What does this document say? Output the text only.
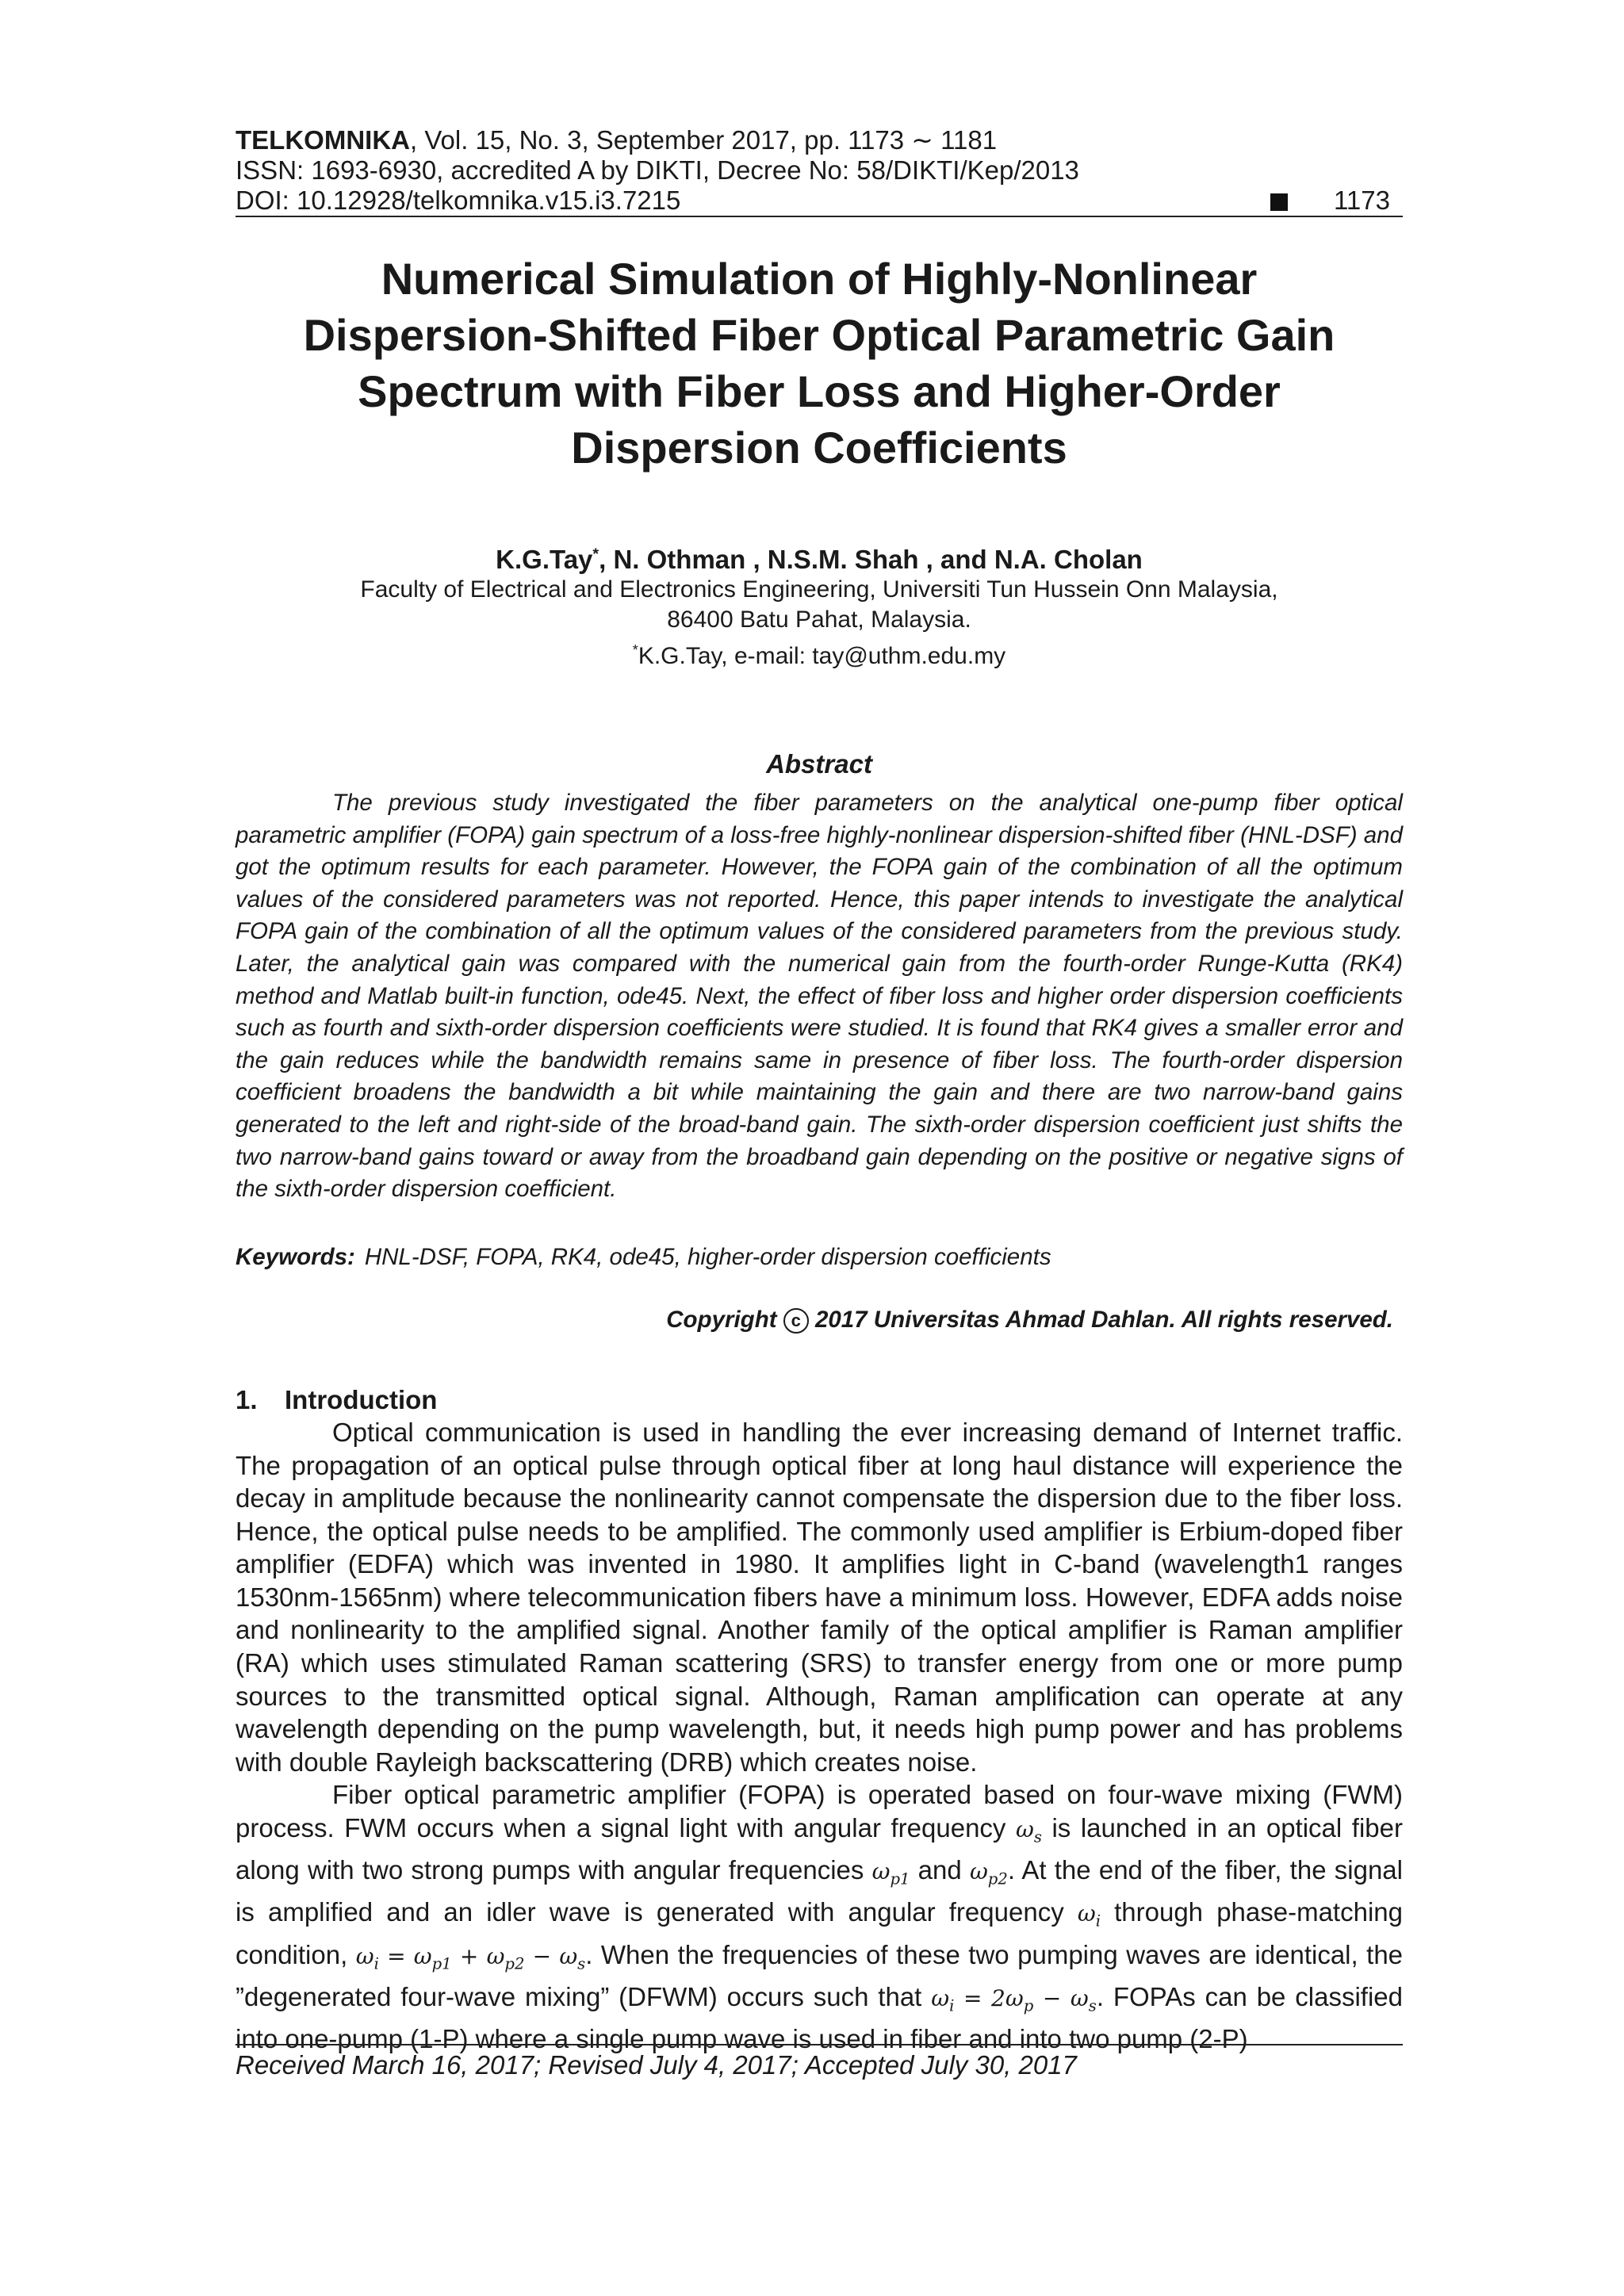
TELKOMNIKA, Vol. 15, No. 3, September 2017, pp. 1173 ∼ 1181
ISSN: 1693-6930, accredited A by DIKTI, Decree No: 58/DIKTI/Kep/2013
DOI: 10.12928/telkomnika.v15.i3.7215	1173
Numerical Simulation of Highly-Nonlinear
Dispersion-Shifted Fiber Optical Parametric Gain
Spectrum with Fiber Loss and Higher-Order
Dispersion Coefficients
K.G.Tay*, N. Othman , N.S.M. Shah , and N.A. Cholan
Faculty of Electrical and Electronics Engineering, Universiti Tun Hussein Onn Malaysia,
86400 Batu Pahat, Malaysia.
*K.G.Tay, e-mail: tay@uthm.edu.my
Abstract
The previous study investigated the fiber parameters on the analytical one-pump fiber optical parametric amplifier (FOPA) gain spectrum of a loss-free highly-nonlinear dispersion-shifted fiber (HNL-DSF) and got the optimum results for each parameter. However, the FOPA gain of the combination of all the optimum values of the considered parameters was not reported. Hence, this paper intends to investigate the analytical FOPA gain of the combination of all the optimum values of the considered parameters from the previous study. Later, the analytical gain was compared with the numerical gain from the fourth-order Runge-Kutta (RK4) method and Matlab built-in function, ode45. Next, the effect of fiber loss and higher order dispersion coefficients such as fourth and sixth-order dispersion coefficients were studied. It is found that RK4 gives a smaller error and the gain reduces while the bandwidth remains same in presence of fiber loss. The fourth-order dispersion coefficient broadens the bandwidth a bit while maintaining the gain and there are two narrow-band gains generated to the left and right-side of the broad-band gain. The sixth-order dispersion coefficient just shifts the two narrow-band gains toward or away from the broadband gain depending on the positive or negative signs of the sixth-order dispersion coefficient.
Keywords: HNL-DSF, FOPA, RK4, ode45, higher-order dispersion coefficients
Copyright c 2017 Universitas Ahmad Dahlan. All rights reserved.
1. Introduction

Optical communication is used in handling the ever increasing demand of Internet traffic. The propagation of an optical pulse through optical fiber at long haul distance will experience the decay in amplitude because the nonlinearity cannot compensate the dispersion due to the fiber loss. Hence, the optical pulse needs to be amplified. The commonly used amplifier is Erbium-doped fiber amplifier (EDFA) which was invented in 1980. It amplifies light in C-band (wavelength1 ranges 1530nm-1565nm) where telecommunication fibers have a minimum loss. However, EDFA adds noise and nonlinearity to the amplified signal. Another family of the optical amplifier is Raman amplifier (RA) which uses stimulated Raman scattering (SRS) to transfer energy from one or more pump sources to the transmitted optical signal. Although, Raman amplification can operate at any wavelength depending on the pump wavelength, but, it needs high pump power and has problems with double Rayleigh backscattering (DRB) which creates noise.

Fiber optical parametric amplifier (FOPA) is operated based on four-wave mixing (FWM) process. FWM occurs when a signal light with angular frequency $\omega_s$ is launched in an optical fiber along with two strong pumps with angular frequencies $\omega_{p1}$ and $\omega_{p2}$. At the end of the fiber, the signal is amplified and an idler wave is generated with angular frequency $\omega_i$ through phase-matching condition, $\omega_i = \omega_{p1} + \omega_{p2} - \omega_s$. When the frequencies of these two pumping waves are identical, the ”degenerated four-wave mixing” (DFWM) occurs such that $\omega_i = 2\omega_p - \omega_s$. FOPAs can be classified into one-pump (1-P) where a single pump wave is used in fiber and into two pump (2-P)

Received March 16, 2017; Revised July 4, 2017; Accepted July 30, 2017
